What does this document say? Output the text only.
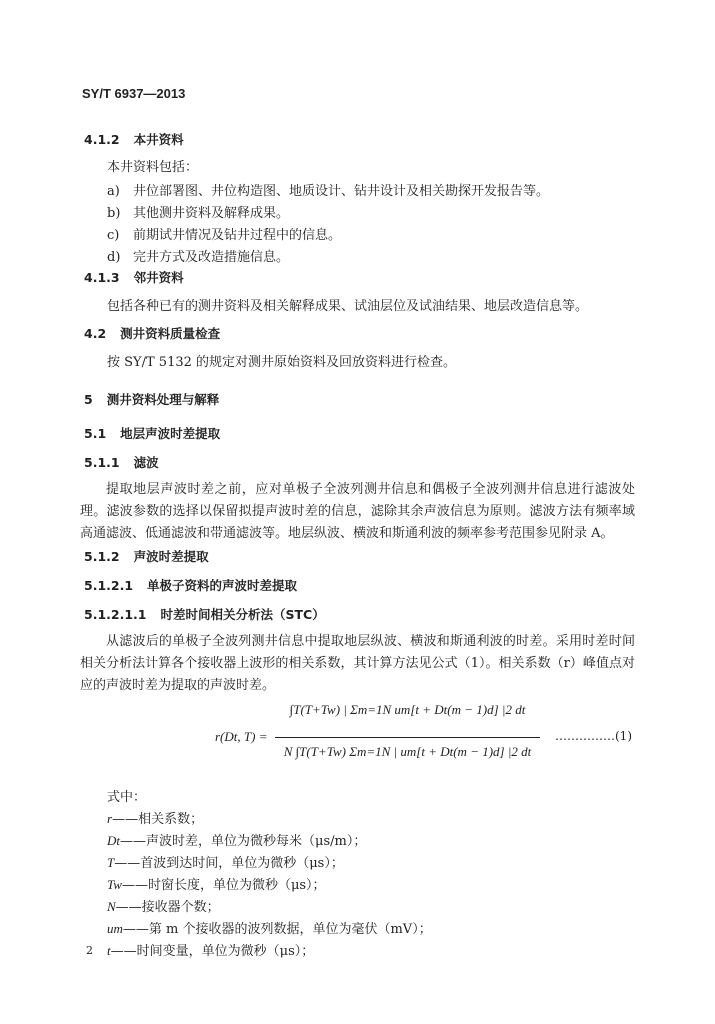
SY/T 6937—2013
4.1.2 本井资料
本井资料包括：
a) 井位部署图、井位构造图、地质设计、钻井设计及相关勘探开发报告等。
b) 其他测井资料及解释成果。
c) 前期试井情况及钻井过程中的信息。
d) 完井方式及改造措施信息。
4.1.3 邻井资料
包括各种已有的测井资料及相关解释成果、试油层位及试油结果、地层改造信息等。
4.2 测井资料质量检查
按 SY/T 5132 的规定对测井原始资料及回放资料进行检查。
5 测井资料处理与解释
5.1 地层声波时差提取
5.1.1 滤波
提取地层声波时差之前，应对单极子全波列测井信息和偶极子全波列测井信息进行滤波处理。滤波参数的选择以保留拟提声波时差的信息，滤除其余声波信息为原则。滤波方法有频率域高通滤波、低通滤波和带通滤波等。地层纵波、横波和斯通利波的频率参考范围参见附录 A。
5.1.2 声波时差提取
5.1.2.1 单极子资料的声波时差提取
5.1.2.1.1 时差时间相关分析法（STC）
从滤波后的单极子全波列测井信息中提取地层纵波、横波和斯通利波的时差。采用时差时间相关分析法计算各个接收器上波形的相关系数，其计算方法见公式（1）。相关系数（r）峰值点对应的声波时差为提取的声波时差。
r(Dt, T) =
∫T(T+Tw) | Σm=1N um[t + Dt(m − 1)d] |2 dt
N ∫T(T+Tw) Σm=1N | um[t + Dt(m − 1)d] |2 dt
……………(1)
式中：
r——相关系数；
Dt——声波时差，单位为微秒每米（μs/m）；
T——首波到达时间，单位为微秒（μs）；
Tw——时窗长度，单位为微秒（μs）；
N——接收器个数；
um——第 m 个接收器的波列数据，单位为毫伏（mV）；
t——时间变量，单位为微秒（μs）；
2
